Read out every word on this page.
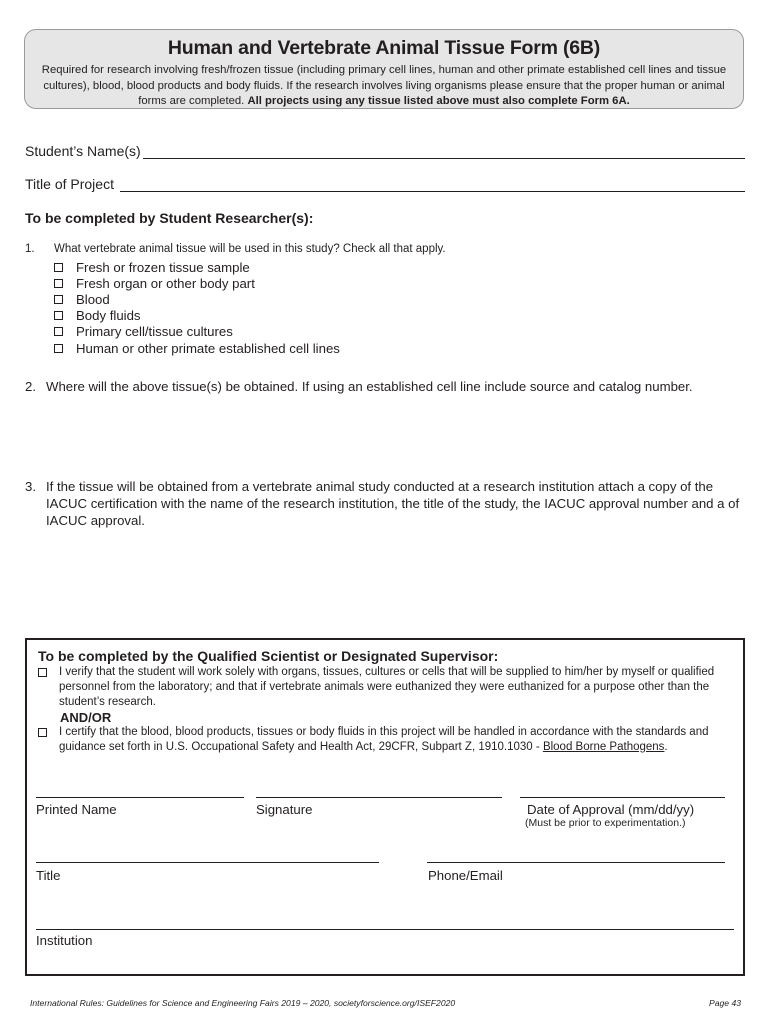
Human and Vertebrate Animal Tissue Form (6B)
Required for research involving fresh/frozen tissue (including primary cell lines, human and other primate established cell lines and tissue cultures), blood, blood products and body fluids. If the research involves living organisms please ensure that the proper human or animal forms are completed. All projects using any tissue listed above must also complete Form 6A.
Student’s Name(s)
Title of Project
To be completed by Student Researcher(s):
1. What vertebrate animal tissue will be used in this study? Check all that apply.
Fresh or frozen tissue sample
Fresh organ or other body part
Blood
Body fluids
Primary cell/tissue cultures
Human or other primate established cell lines
2. Where will the above tissue(s) be obtained. If using an established cell line include source and catalog number.
3. If the tissue will be obtained from a vertebrate animal study conducted at a research institution attach a copy of the IACUC certification with the name of the research institution, the title of the study, the IACUC approval number and a of IACUC approval.
To be completed by the Qualified Scientist or Designated Supervisor:
I verify that the student will work solely with organs, tissues, cultures or cells that will be supplied to him/her by myself or qualified personnel from the laboratory; and that if vertebrate animals were euthanized they were euthanized for a purpose other than the student’s research.
AND/OR
I certify that the blood, blood products, tissues or body fluids in this project will be handled in accordance with the standards and guidance set forth in U.S. Occupational Safety and Health Act, 29CFR, Subpart Z, 1910.1030 - Blood Borne Pathogens.
Printed Name	Signature	Date of Approval (mm/dd/yy)
(Must be prior to experimentation.)
Title	Phone/Email
Institution
International Rules: Guidelines for Science and Engineering Fairs 2019 – 2020, societyforscience.org/ISEF2020	Page 43
